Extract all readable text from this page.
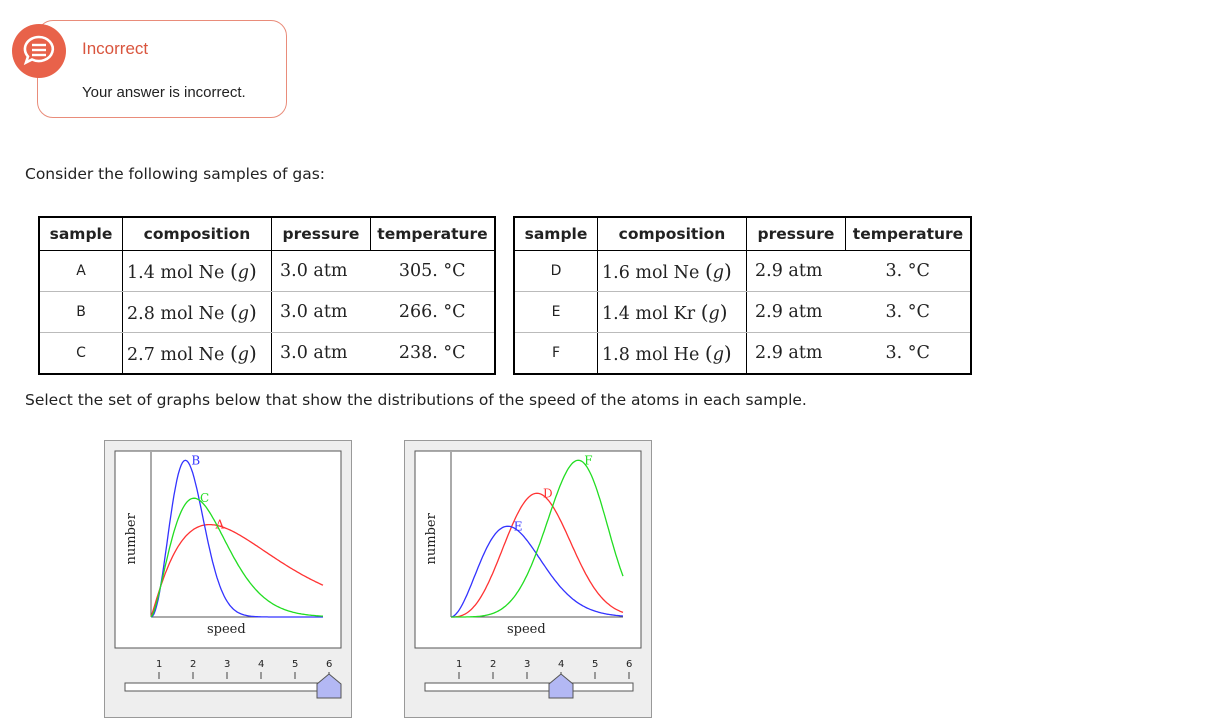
Incorrect
Your answer is incorrect.
Consider the following samples of gas:
sample	composition	pressure	temperature
A	1.4 mol Ne (g)	3.0 atm	305. °C
B	2.8 mol Ne (g)	3.0 atm	266. °C
C	2.7 mol Ne (g)	3.0 atm	238. °C
sample	composition	pressure	temperature
D	1.6 mol Ne (g)	2.9 atm	3. °C
E	1.4 mol Kr (g)	2.9 atm	3. °C
F	1.8 mol He (g)	2.9 atm	3. °C
Select the set of graphs below that show the distributions of the speed of the atoms in each sample.
speed
number	A
B
C
1	2	3	4	5	6
speed
number
D
E
F
1	2	3	4	5	6
